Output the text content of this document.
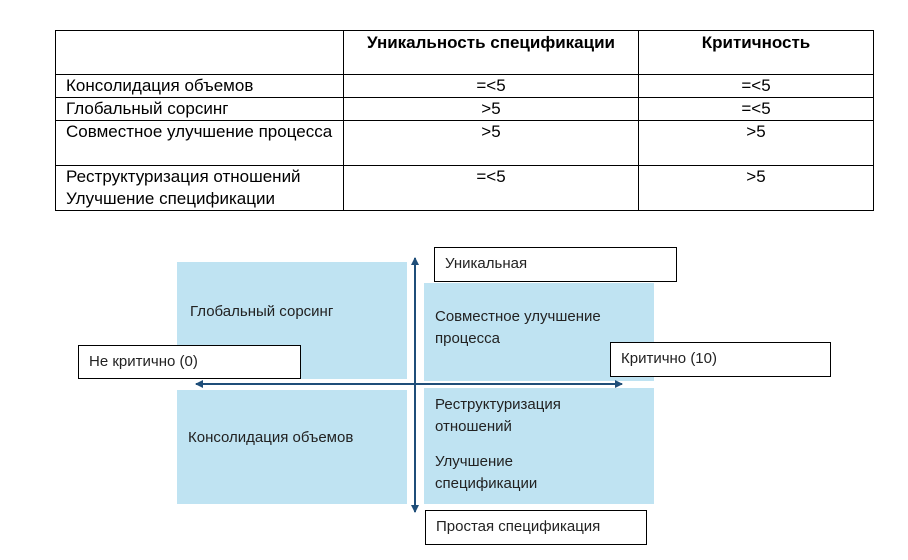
	Уникальность спецификации	Критичность
Консолидация объемов	=<5	=<5
Глобальный сорсинг	>5	=<5
Совместное улучшение процесса	>5	>5
Реструктуризация отношений Улучшение спецификации	=<5	>5
Глобальный сорсинг	Совместное улучшение процесса
Консолидация объемов
Реструктуризация отношений
Улучшение спецификации
Уникальная
Не критично (0)	Критично (10)
Простая спецификация
